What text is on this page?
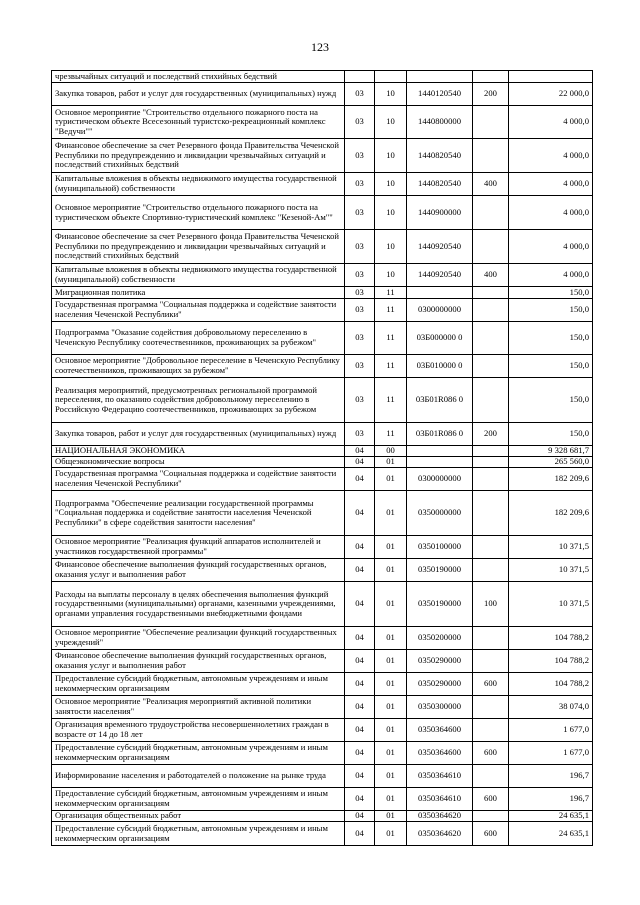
123
чрезвычайных ситуаций и последствий стихийных бедствий					
Закупка товаров, работ и услуг для государственных (муниципальных) нужд	03	10	1440120540	200	22 000,0
Основное мероприятие "Строительство отдельного пожарного поста на туристическом объекте Всесезонный туристско-рекреационный комплекс "Ведучи""	03	10	1440800000		4 000,0
Финансовое обеспечение за счет Резервного фонда Правительства Чеченской Республики по предупреждению и ликвидации чрезвычайных ситуаций и последствий стихийных бедствий	03	10	1440820540		4 000,0
Капитальные вложения в объекты недвижимого имущества государственной (муниципальной) собственности	03	10	1440820540	400	4 000,0
Основное мероприятие "Строительство отдельного пожарного поста на туристическом объекте Спортивно-туристический комплекс "Кезеной-Ам""	03	10	1440900000		4 000,0
Финансовое обеспечение за счет Резервного фонда Правительства Чеченской Республики по предупреждению и ликвидации чрезвычайных ситуаций и последствий стихийных бедствий	03	10	1440920540		4 000,0
Капитальные вложения в объекты недвижимого имущества государственной (муниципальной) собственности	03	10	1440920540	400	4 000,0
Миграционная политика	03	11			150,0
Государственная программа "Социальная поддержка и содействие занятости населения Чеченской Республики"	03	11	0300000000		150,0
Подпрограмма "Оказание содействия добровольному переселению в Чеченскую Республику соотечественников, проживающих за рубежом"	03	11	03Б000000 0		150,0
Основное мероприятие "Добровольное переселение в Чеченскую Республику соотечественников, проживающих за рубежом"	03	11	03Б010000 0		150,0
Реализация мероприятий, предусмотренных региональной программой переселения, по оказанию содействия добровольному переселению в Российскую Федерацию соотечественников, проживающих за рубежом	03	11	03Б01R086 0		150,0
Закупка товаров, работ и услуг для государственных (муниципальных) нужд	03	11	03Б01R086 0	200	150,0
НАЦИОНАЛЬНАЯ ЭКОНОМИКА	04	00			9 328 681,7
Общеэкономические вопросы	04	01			265 560,0
Государственная программа "Социальная поддержка и содействие занятости населения Чеченской Республики"	04	01	0300000000		182 209,6
Подпрограмма "Обеспечение реализации государственной программы "Социальная поддержка и содействие занятости населения Чеченской Республики" в сфере содействия занятости населения"	04	01	0350000000		182 209,6
Основное мероприятие "Реализация функций аппаратов исполнителей и участников государственной программы"	04	01	0350100000		10 371,5
Финансовое обеспечение выполнения функций государственных органов, оказания услуг и выполнения работ	04	01	0350190000		10 371,5
Расходы на выплаты персоналу в целях обеспечения выполнения функций государственными (муниципальными) органами, казенными учреждениями, органами управления государственными внебюджетными фондами	04	01	0350190000	100	10 371,5
Основное мероприятие "Обеспечение реализации функций государственных учреждений"	04	01	0350200000		104 788,2
Финансовое обеспечение выполнения функций государственных органов, оказания услуг и выполнения работ	04	01	0350290000		104 788,2
Предоставление субсидий бюджетным, автономным учреждениям и иным некоммерческим организациям	04	01	0350290000	600	104 788,2
Основное мероприятие "Реализация мероприятий активной политики занятости населения"	04	01	0350300000		38 074,0
Организация временного трудоустройства несовершеннолетних граждан в возрасте от 14 до 18 лет	04	01	0350364600		1 677,0
Предоставление субсидий бюджетным, автономным учреждениям и иным некоммерческим организациям	04	01	0350364600	600	1 677,0
Информирование населения и работодателей о положение на рынке труда	04	01	0350364610		196,7
Предоставление субсидий бюджетным, автономным учреждениям и иным некоммерческим организациям	04	01	0350364610	600	196,7
Организация общественных работ	04	01	0350364620		24 635,1
Предоставление субсидий бюджетным, автономным учреждениям и иным некоммерческим организациям	04	01	0350364620	600	24 635,1
